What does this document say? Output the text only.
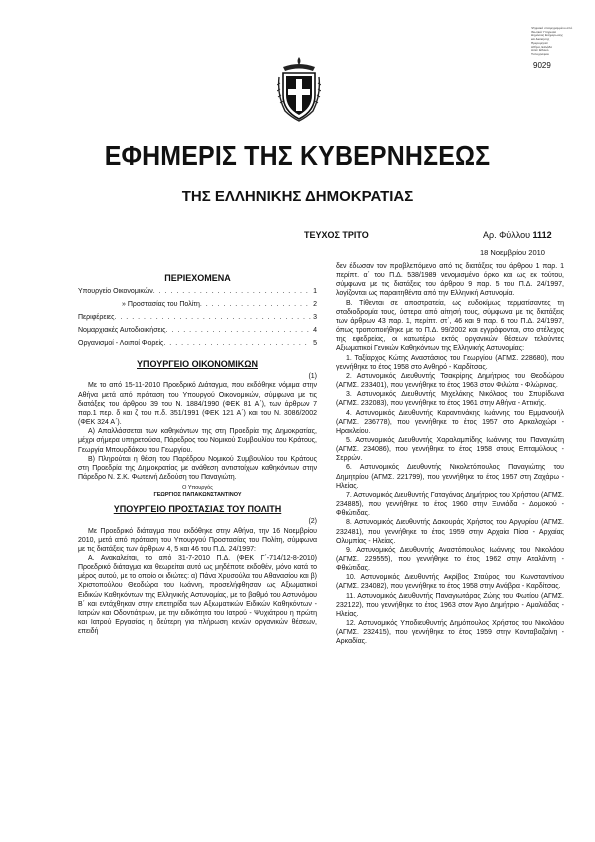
Ψηφιακά υπογεγραμμένο από
Ιδιωτικά Υπηρεσία
Δημόσιας Ενημέρωσης
και Διοίκησης
Ημερομηνία:
Αθήνα, Ελλάδα
Αιτία: Εθνικό
Τυπογραφείο
9029
ΕΦΗΜΕΡΙΣ ΤΗΣ ΚΥΒΕΡΝΗΣΕΩΣ
ΤΗΣ ΕΛΛΗΝΙΚΗΣ ΔΗΜΟΚΡΑΤΙΑΣ
ΤΕΥΧΟΣ ΤΡΙΤΟ	Αρ. Φύλλου 1112
18 Νοεμβρίου 2010
ΠΕΡΙΕΧΟΜΕΝΑ
Υπουργείο Οικονομικών . . .	1
» Προστασίας του Πολίτη . . .	2
Περιφέρειες . . .	3
Νομαρχιακές Αυτοδιοικήσεις . . .	4
Οργανισμοί - Λοιποί Φορείς . . .	5
ΥΠΟΥΡΓΕΙΟ ΟΙΚΟΝΟΜΙΚΩΝ
(1)

Με το από 15-11-2010 Προεδρικό Διάταγμα, που εκδόθηκε νόμιμα στην Αθήνα μετά από πρόταση του Υπουργού Οικονομικών, σύμφωνα με τις διατάξεις του άρθρου 39 του Ν. 1884/1990 (ΦΕΚ 81 Α΄), των άρθρων 7 παρ.1 περ. δ και ζ του π.δ. 351/1991 (ΦΕΚ 121 Α΄) και του Ν. 3086/2002 (ΦΕΚ 324 Α΄).

Α) Απαλλάσσεται των καθηκόντων της στη Προεδρία της Δημοκρατίας, μέχρι σήμερα υπηρετούσα, Πάρεδρος του Νομικού Συμβουλίου του Κράτους, Γεωργία Μπουρδάκου του Γεωργίου.

Β) Πληρούται η θέση του Παρέδρου Νομικού Συμβουλίου του Κράτους στη Προεδρία της Δημοκρατίας με ανάθεση αντιστοίχων καθηκόντων στην Πάρεδρο Ν. Σ.Κ. Φωτεινή Δεδούση του Παναγιώτη.

Ο Υπουργός
ΓΕΩΡΓΙΟΣ ΠΑΠΑΚΩΝΣΤΑΝΤΙΝΟΥ
ΥΠΟΥΡΓΕΙΟ ΠΡΟΣΤΑΣΙΑΣ ΤΟΥ ΠΟΛΙΤΗ
(2)

Με Προεδρικό διάταγμα που εκδόθηκε στην Αθήνα, την 16 Νοεμβρίου 2010, μετά από πρόταση του Υπουργού Προστασίας του Πολίτη, σύμφωνα με τις διατάξεις των άρθρων 4, 5 και 46 του Π.Δ. 24/1997:

Α. Ανακαλείται, το από 31-7-2010 Π.Δ. (ΦΕΚ Γ΄-714/12-8-2010) Προεδρικό διάταγμα και θεωρείται αυτό ως μηδέποτε εκδοθέν, μόνο κατά το μέρος αυτού, με το οποίο οι ιδιώτες: α) Πάνα Χρυσούλα του Αθανασίου και β) Χριστοπούλου Θεοδώρα του Ιωάννη, προσελήφθησαν ως Αξιωματικοί Ειδικών Καθηκόντων της Ελληνικής Αστυνομίας, με το βαθμό του Αστυνόμου Β΄ και εντάχθηκαν στην επετηρίδα των Αξιωματικών Ειδικών Καθηκόντων - Ιατρών και Οδοντιάτρων, με την ειδικότητα του Ιατρού - Ψυχιάτρου η πρώτη και Ιατρού Εργασίας η δεύτερη για πλήρωση κενών οργανικών θέσεων, επειδή

δεν έδωσαν τον προβλεπόμενο από τις διατάξεις του άρθρου 1 παρ. 1 περίπτ. α΄ του Π.Δ. 538/1989 νενομισμένο όρκο και ως εκ τούτου, σύμφωνα με τις διατάξεις του άρθρου 9 παρ. 5 του Π.Δ. 24/1997, λογίζονται ως παραιτηθέντα από την Ελληνική Αστυνομία.

Β. Τίθενται σε αποστρατεία, ως ευδοκίμως τερματίσαντες τη σταδιοδρομία τους, ύστερα από αίτησή τους, σύμφωνα με τις διατάξεις των άρθρων 43 παρ. 1, περίπτ. στ΄, 46 και 9 παρ. 6 του Π.Δ. 24/1997, όπως τροποποιήθηκε με το Π.Δ. 99/2002 και εγγράφονται, στο στέλεχος της εφεδρείας, οι κατωτέρω εκτός οργανικών θέσεων τελούντες Αξιωματικοί Γενικών Καθηκόντων της Ελληνικής Αστυνομίας:

1. Ταξίαρχος Κώτης Αναστάσιος του Γεωργίου (ΑΓΜΣ. 228680), που γεννήθηκε το έτος 1958 στο Ανθηρό - Καρδίτσας.

2. Αστυνομικός Διευθυντής Τσακρίρης Δημήτριος του Θεοδώρου (ΑΓΜΣ. 233401), που γεννήθηκε το έτος 1963 στον Φιλώτα - Φλώρινας.

3. Αστυνομικός Διευθυντής Μιχελάκης Νικόλαος του Σπυρίδωνα (ΑΓΜΣ. 232083), που γεννήθηκε το έτος 1961 στην Αθήνα - Αττικής.

4. Αστυνομικός Διευθυντής Καραντινάκης Ιωάννης του Εμμανουήλ (ΑΓΜΣ. 236778), που γεννήθηκε το έτος 1957 στο Αρκαλοχώρι - Ηρακλείου.

5. Αστυνομικός Διευθυντής Χαραλαμπίδης Ιωάννης του Παναγιώτη (ΑΓΜΣ. 234086), που γεννήθηκε το έτος 1958 στους Επταμύλους - Σερρών.

6. Αστυνομικός Διευθυντής Νικολετόπουλος Παναγιώτης του Δημητρίου (ΑΓΜΣ. 221799), που γεννήθηκε το έτος 1957 στη Ζαχάρω - Ηλείας.

7. Αστυνομικός Διευθυντής Γαταγάνας Δημήτριος του Χρήστου (ΑΓΜΣ. 234885), που γεννήθηκε το έτος 1960 στην Ξυνιάδα - Δομοκού - Φθιώτιδας.

8. Αστυνομικός Διευθυντής Δακουράς Χρήστος του Αργυρίου (ΑΓΜΣ. 232481), που γεννήθηκε το έτος 1959 στην Αρχαία Πίσα - Αρχαίας Ολυμπίας - Ηλείας.

9. Αστυνομικός Διευθυντής Αναστόπουλος Ιωάννης του Νικολάου (ΑΓΜΣ. 229555), που γεννήθηκε το έτος 1962 στην Αταλάντη - Φθιώτιδας.

10. Αστυνομικός Διευθυντής Ακρίβος Σταύρος του Κωνσταντίνου (ΑΓΜΣ. 234082), που γεννήθηκε το έτος 1958 στην Ανάβρα - Καρδίτσας.

11. Αστυνομικός Διευθυντής Παναγιωτάρας Ζώης του Φωτίου (ΑΓΜΣ. 232122), που γεννήθηκε το έτος 1963 στον Άγιο Δημήτριο - Αμαλιάδας - Ηλείας.

12. Αστυνομικός Υποδιευθυντής Δημόπουλος Χρήστος του Νικολάου (ΑΓΜΣ. 232415), που γεννήθηκε το έτος 1959 στην Κονταβαζαίνη - Αρκαδίας.
